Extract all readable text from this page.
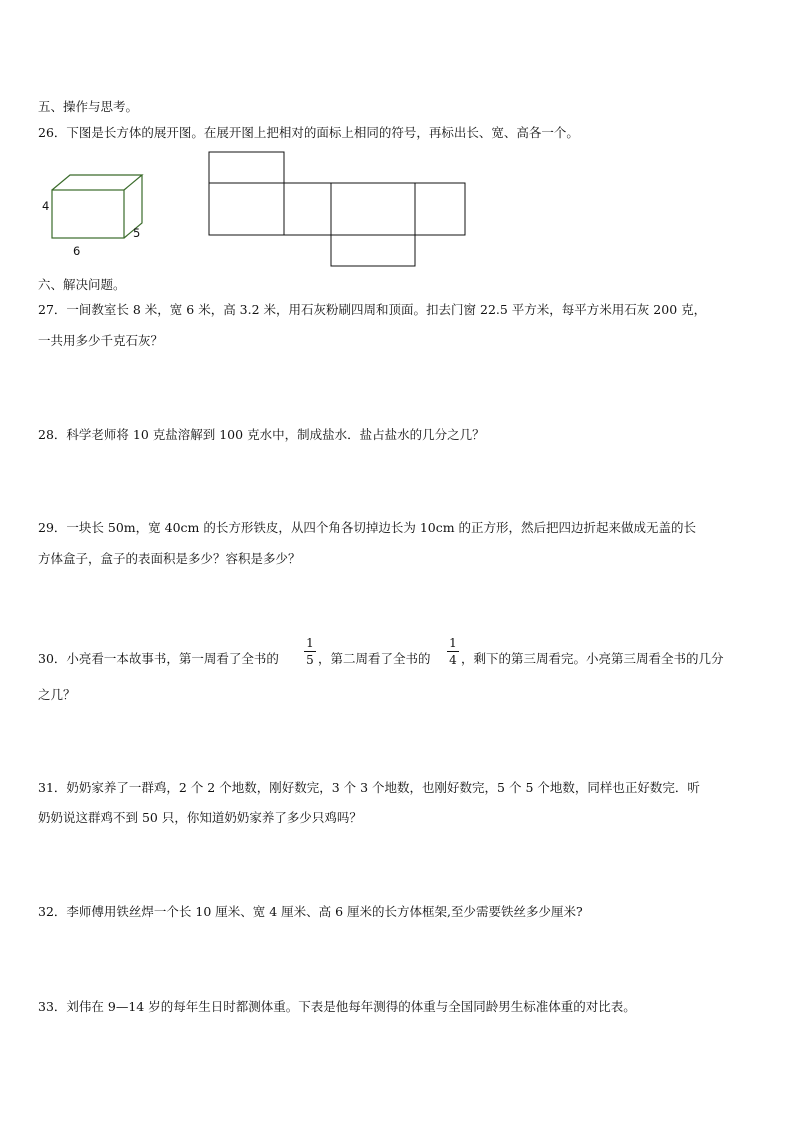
五、操作与思考。
26．下图是长方体的展开图。在展开图上把相对的面标上相同的符号，再标出长、宽、高各一个。
4
6
5
六、解决问题。
27．一间教室长 8 米，宽 6 米，高 3.2 米，用石灰粉刷四周和顶面。扣去门窗 22.5 平方米，每平方米用石灰 200 克，
一共用多少千克石灰？
28．科学老师将 10 克盐溶解到 100 克水中，制成盐水．盐占盐水的几分之几？
29．一块长 50m，宽 40cm 的长方形铁皮，从四个角各切掉边长为 10cm 的正方形，然后把四边折起来做成无盖的长
方体盒子，盒子的表面积是多少？容积是多少？
30．小亮看一本故事书，第一周看了全书的
1
5 ，第二周看了全书的
1
4 ，剩下的第三周看完。小亮第三周看全书的几分
之几？
31．奶奶家养了一群鸡，2 个 2 个地数，刚好数完，3 个 3 个地数，也刚好数完，5 个 5 个地数，同样也正好数完．听
奶奶说这群鸡不到 50 只，你知道奶奶家养了多少只鸡吗？
32．李师傅用铁丝焊一个长 10 厘米、宽 4 厘米、高 6 厘米的长方体框架,至少需要铁丝多少厘米?
33．刘伟在 9—14 岁的每年生日时都测体重。下表是他每年测得的体重与全国同龄男生标准体重的对比表。
